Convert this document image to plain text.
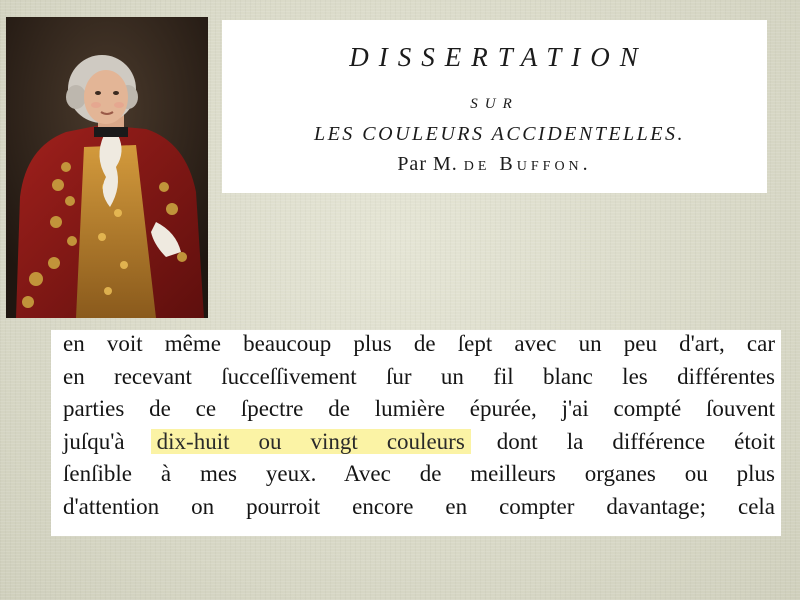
DISSERTATION
SUR
LES COULEURS ACCIDENTELLES.
Par M. de Buffon.
en voit même beaucoup plus de ſept avec un peu d'art, car
en recevant ſucceſſivement ſur un fil blanc les différentes
parties de ce ſpectre de lumière épurée, j'ai compté ſouvent
juſqu'à dix-huit ou vingt couleurs dont la différence étoit
ſenſible à mes yeux. Avec de meilleurs organes ou plus
d'attention on pourroit encore en compter davantage; cela
